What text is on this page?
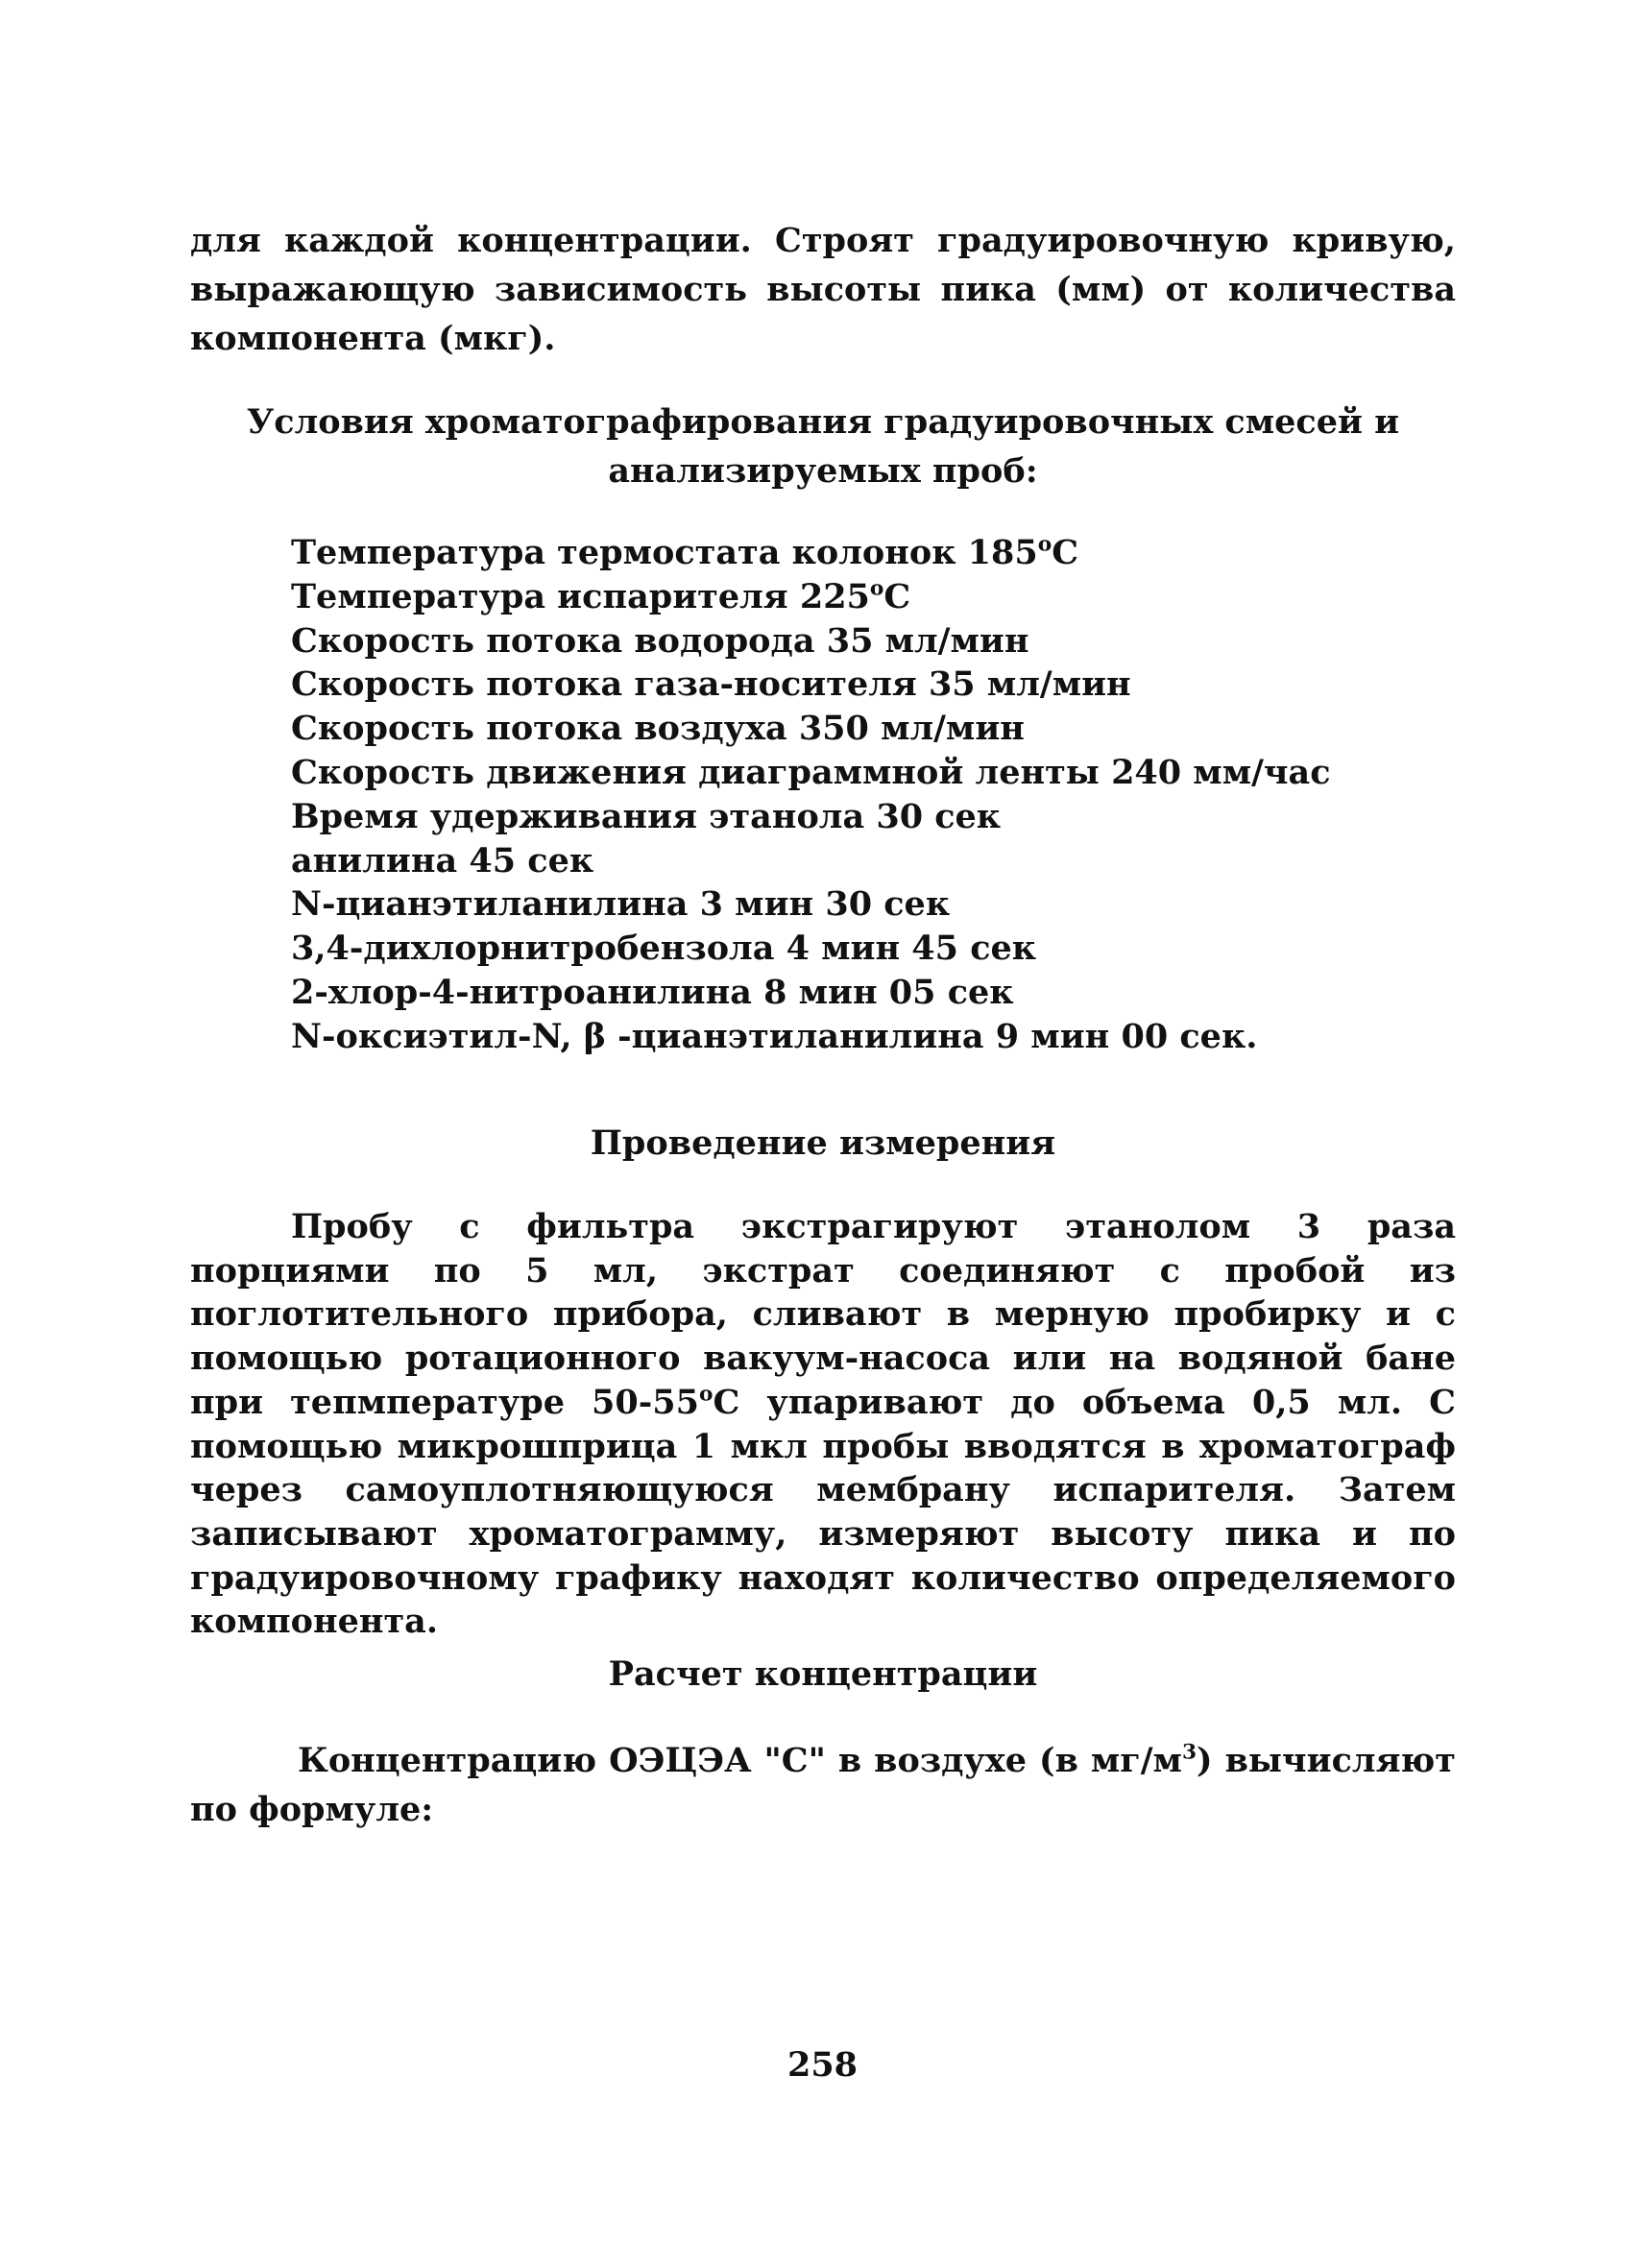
для каждой концентрации. Строят градуировочную кривую, выражающую зависимость высоты пика (мм) от количества компонента (мкг).

Условия хроматографирования градуировочных смесей и анализируемых проб:
Температура термостата колонок 185$^o$С
Температура испарителя 225$^o$С
Скорость потока водорода 35 мл/мин
Скорость потока газа-носителя 35 мл/мин
Скорость потока воздуха 350 мл/мин
Скорость движения диаграммной ленты 240 мм/час
Время удерживания этанола 30 сек
анилина 45 сек
N-цианэтиланилина 3 мин 30 сек
3,4-дихлорнитробензола 4 мин 45 сек
2-хлор-4-нитроанилина 8 мин 05 сек
N-оксиэтил-N, β -цианэтиланилина 9 мин 00 сек.
Проведение измерения

Пробу с фильтра экстрагируют этанолом 3 раза порциями по 5 мл, экстрат соединяют с пробой из поглотительного прибора, сливают в мерную пробирку и с помощью ротационного вакуум-насоса или на водяной бане при тепмпературе 50-55$^o$С упаривают до объема 0,5 мл. С помощью микрошприца 1 мкл пробы вводятся в хроматограф через самоуплотняющуюся мембрану испарителя. Затем записывают хроматограмму, измеряют высоту пика и по градуировочному графику находят количество определяемого компонента.

Расчет концентрации

Концентрацию ОЭЦЭА "С" в воздухе (в $мг/м^3$) вычисляют по формуле:

258
